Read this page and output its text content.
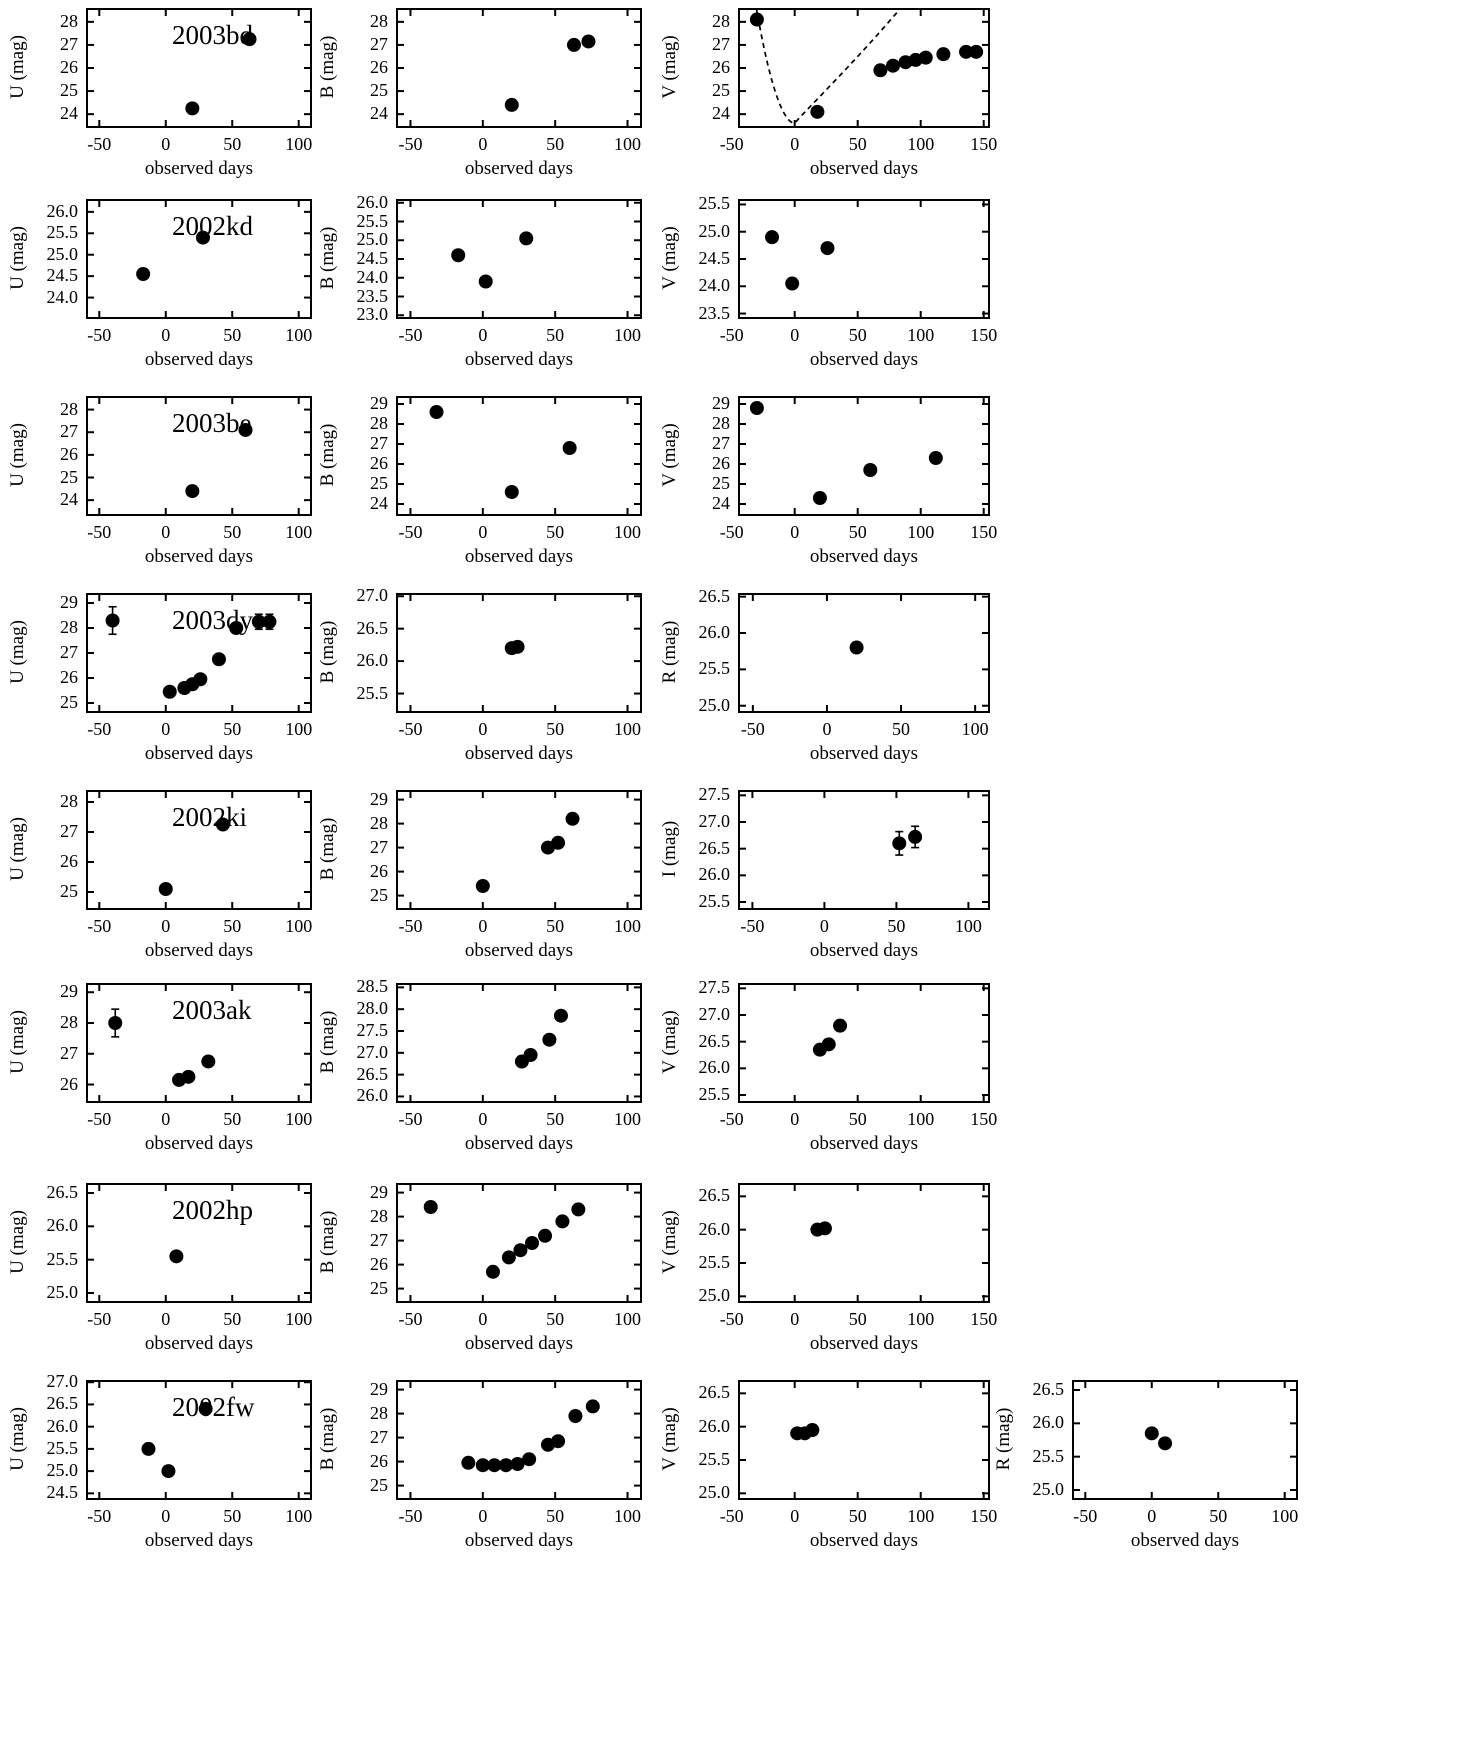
24
25
26
27
28
-50	0	50	100
U (mag)
observed days
2003bd
24
25
26
27
28
-50	0	50	100
B (mag)
observed days
24
25
26
27
28
-50	0	50	100	150
V (mag)
observed days
24.0
24.5
25.0
25.5
26.0
-50	0	50	100
U (mag)
observed days
2002kd
23.0
23.5
24.0
24.5
25.0
25.5
26.0
-50	0	50	100
B (mag)
observed days
23.5
24.0
24.5
25.0
25.5
-50	0	50	100	150
V (mag)
observed days
24
25
26
27
28
-50	0	50	100
U (mag)
observed days
2003be
24
25
26
27
28
29
-50	0	50	100
B (mag)
observed days
24
25
26
27
28
29
-50	0	50	100	150
V (mag)
observed days
25
26
27
28
29
-50	0	50	100
U (mag)
observed days
2003dy
25.5
26.0
26.5
27.0
-50	0	50	100
B (mag)
observed days
25.0
25.5
26.0
26.5
-50	0	50	100
R (mag)
observed days
25
26
27
28
-50	0	50	100
U (mag)
observed days
2002ki
25
26
27
28
29
-50	0	50	100
B (mag)
observed days
25.5
26.0
26.5
27.0
27.5
-50	0	50	100
I (mag)
observed days
26
27
28
29
-50	0	50	100
U (mag)
observed days
2003ak
26.0
26.5
27.0
27.5
28.0
28.5
-50	0	50	100
B (mag)
observed days
25.5
26.0
26.5
27.0
27.5
-50	0	50	100	150
V (mag)
observed days
25.0
25.5
26.0
26.5
-50	0	50	100
U (mag)
observed days
2002hp
25
26
27
28
29
-50	0	50	100
B (mag)
observed days
25.0
25.5
26.0
26.5
-50	0	50	100	150
V (mag)
observed days
24.5
25.0
25.5
26.0
26.5
27.0
-50	0	50	100
U (mag)
observed days
2002fw
25
26
27
28
29
-50	0	50	100
B (mag)
observed days
25.0
25.5
26.0
26.5
-50	0	50	100	150
V (mag)
observed days
25.0
25.5
26.0
26.5
-50	0	50	100
R (mag)
observed days
